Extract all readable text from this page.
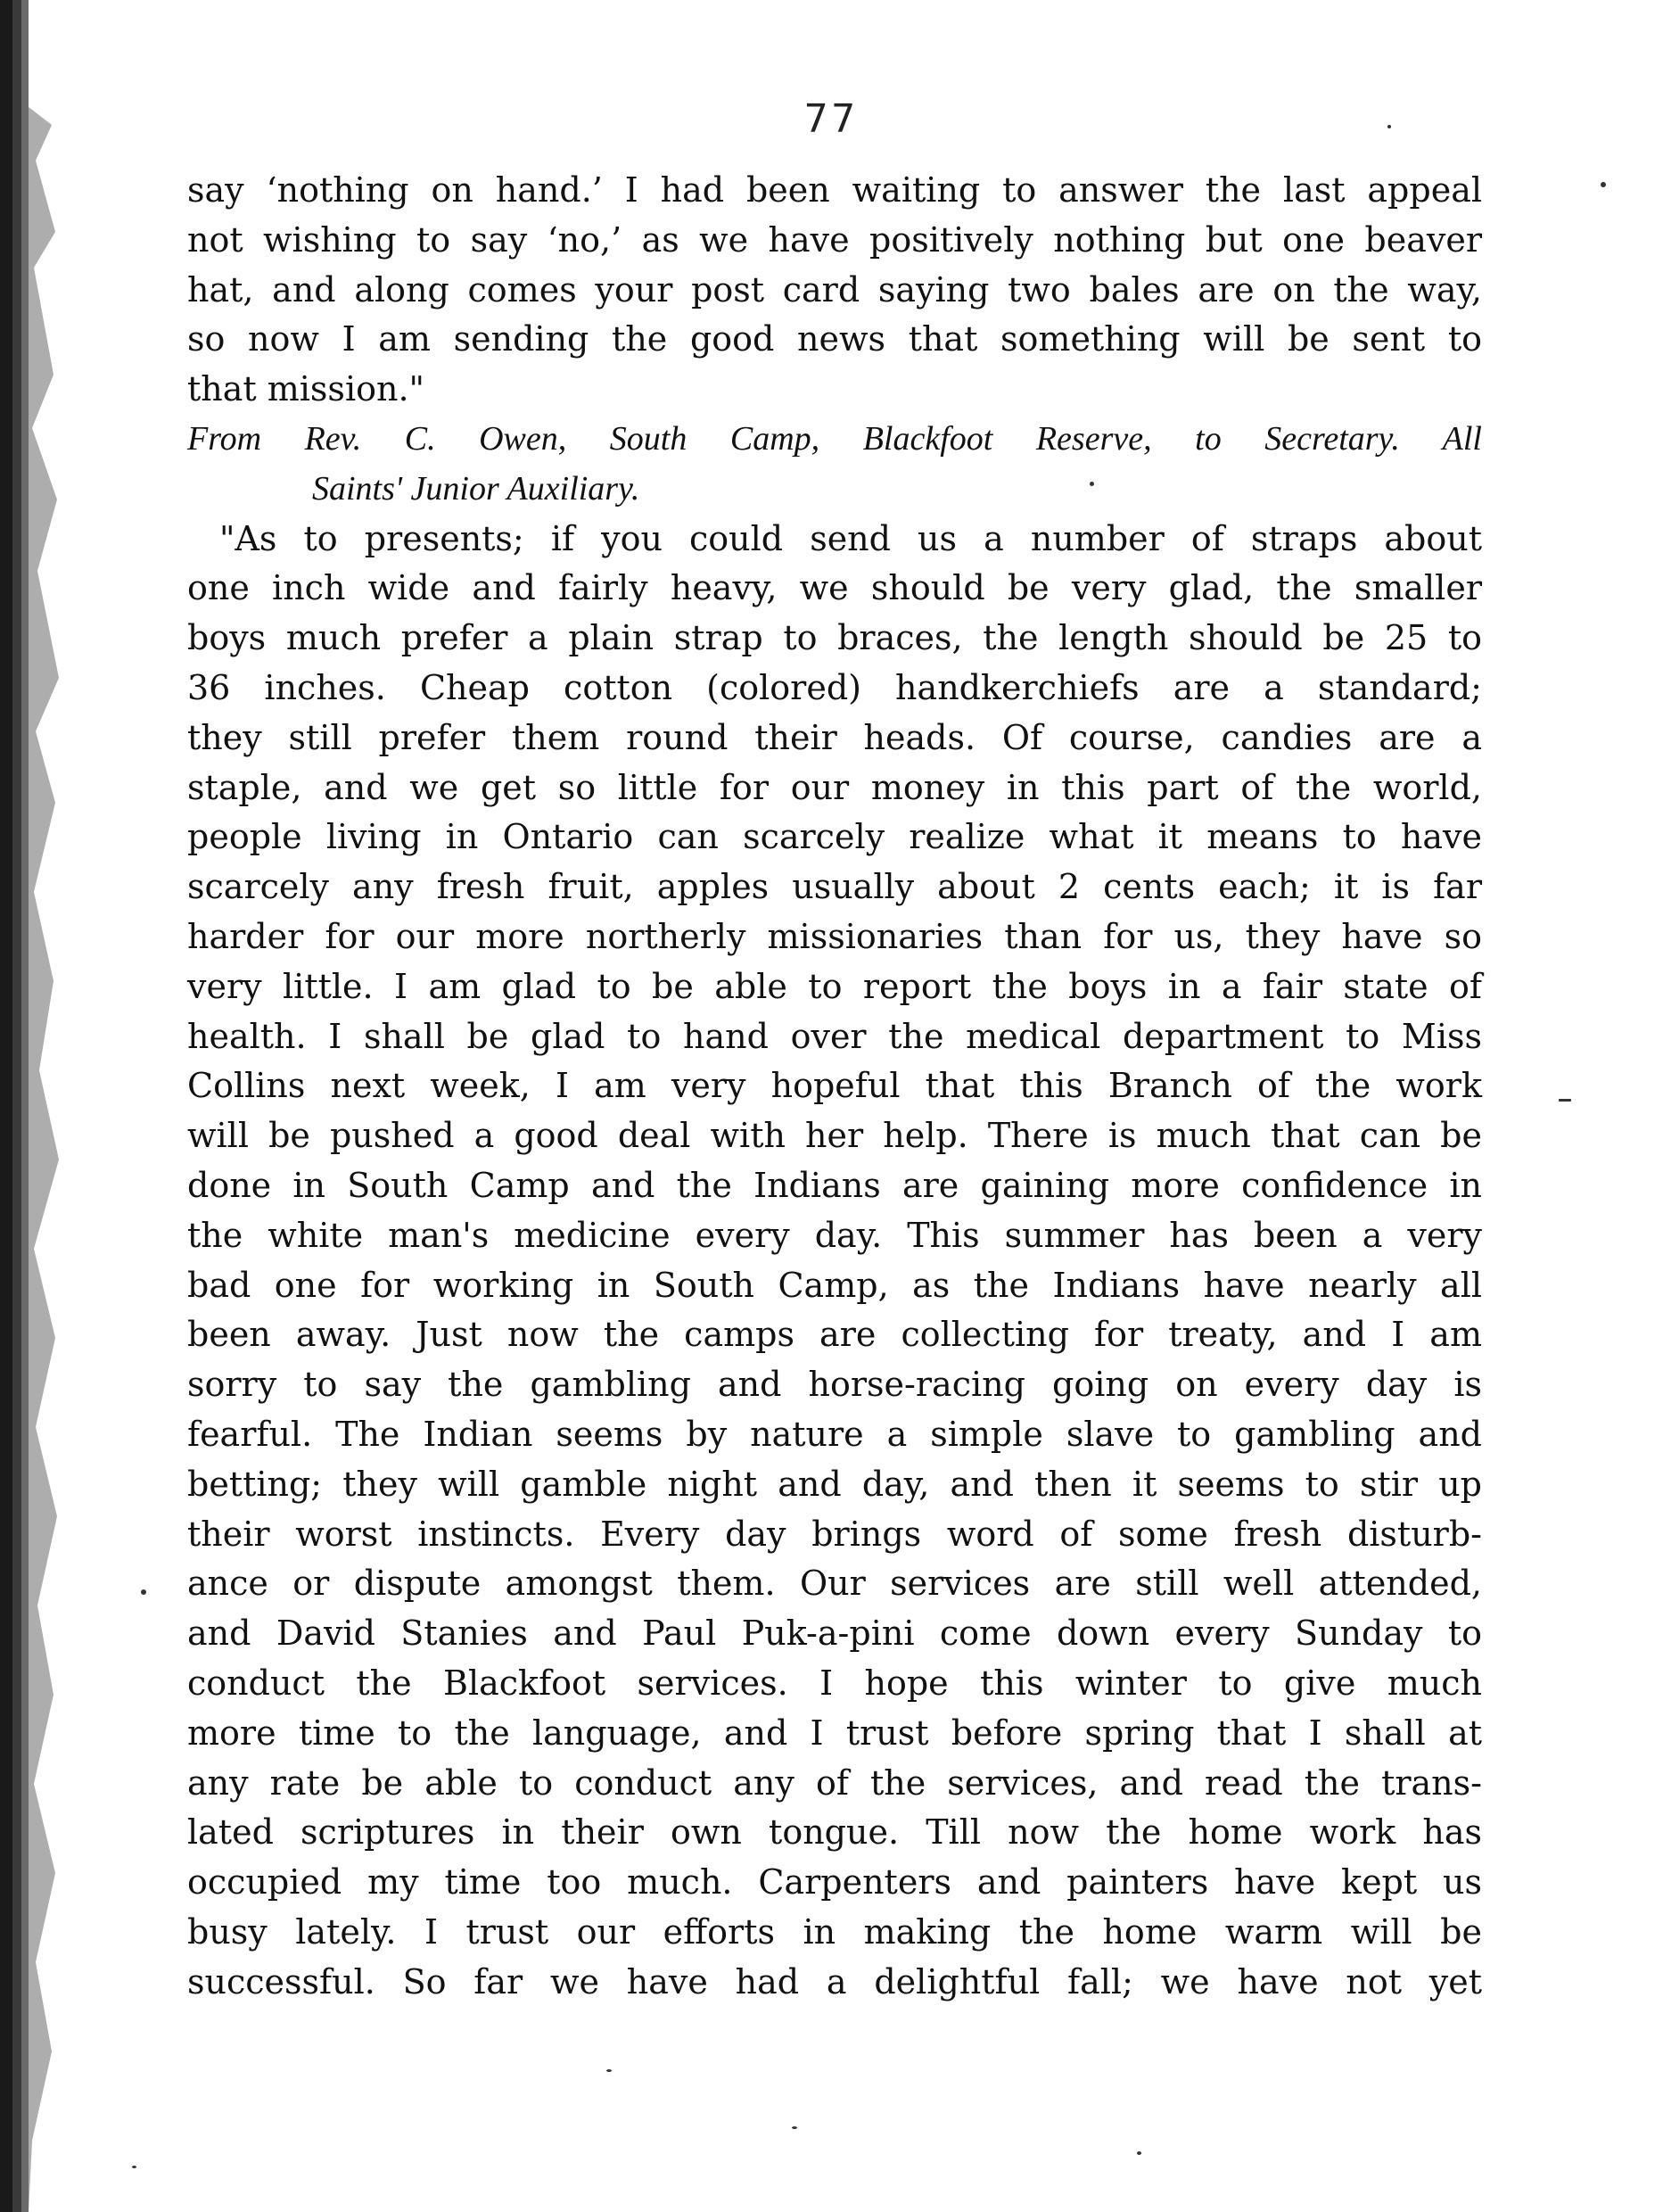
77
say ‘nothing on hand.’ I had been waiting to answer the last appeal
not wishing to say ‘no,’ as we have positively nothing but one beaver
hat, and along comes your post card saying two bales are on the way,
so now I am sending the good news that something will be sent to
that mission."
From Rev. C. Owen, South Camp, Blackfoot Reserve, to Secretary. All
Saints' Junior Auxiliary.
"As to presents; if you could send us a number of straps about
one inch wide and fairly heavy, we should be very glad, the smaller
boys much prefer a plain strap to braces, the length should be 25 to
36 inches. Cheap cotton (colored) handkerchiefs are a standard;
they still prefer them round their heads. Of course, candies are a
staple, and we get so little for our money in this part of the world,
people living in Ontario can scarcely realize what it means to have
scarcely any fresh fruit, apples usually about 2 cents each; it is far
harder for our more northerly missionaries than for us, they have so
very little. I am glad to be able to report the boys in a fair state of
health. I shall be glad to hand over the medical department to Miss
Collins next week, I am very hopeful that this Branch of the work
will be pushed a good deal with her help. There is much that can be
done in South Camp and the Indians are gaining more confidence in
the white man's medicine every day. This summer has been a very
bad one for working in South Camp, as the Indians have nearly all
been away. Just now the camps are collecting for treaty, and I am
sorry to say the gambling and horse-racing going on every day is
fearful. The Indian seems by nature a simple slave to gambling and
betting; they will gamble night and day, and then it seems to stir up
their worst instincts. Every day brings word of some fresh disturb-
ance or dispute amongst them. Our services are still well attended,
and David Stanies and Paul Puk-a-pini come down every Sunday to
conduct the Blackfoot services. I hope this winter to give much
more time to the language, and I trust before spring that I shall at
any rate be able to conduct any of the services, and read the trans-
lated scriptures in their own tongue. Till now the home work has
occupied my time too much. Carpenters and painters have kept us
busy lately. I trust our efforts in making the home warm will be
successful. So far we have had a delightful fall; we have not yet
